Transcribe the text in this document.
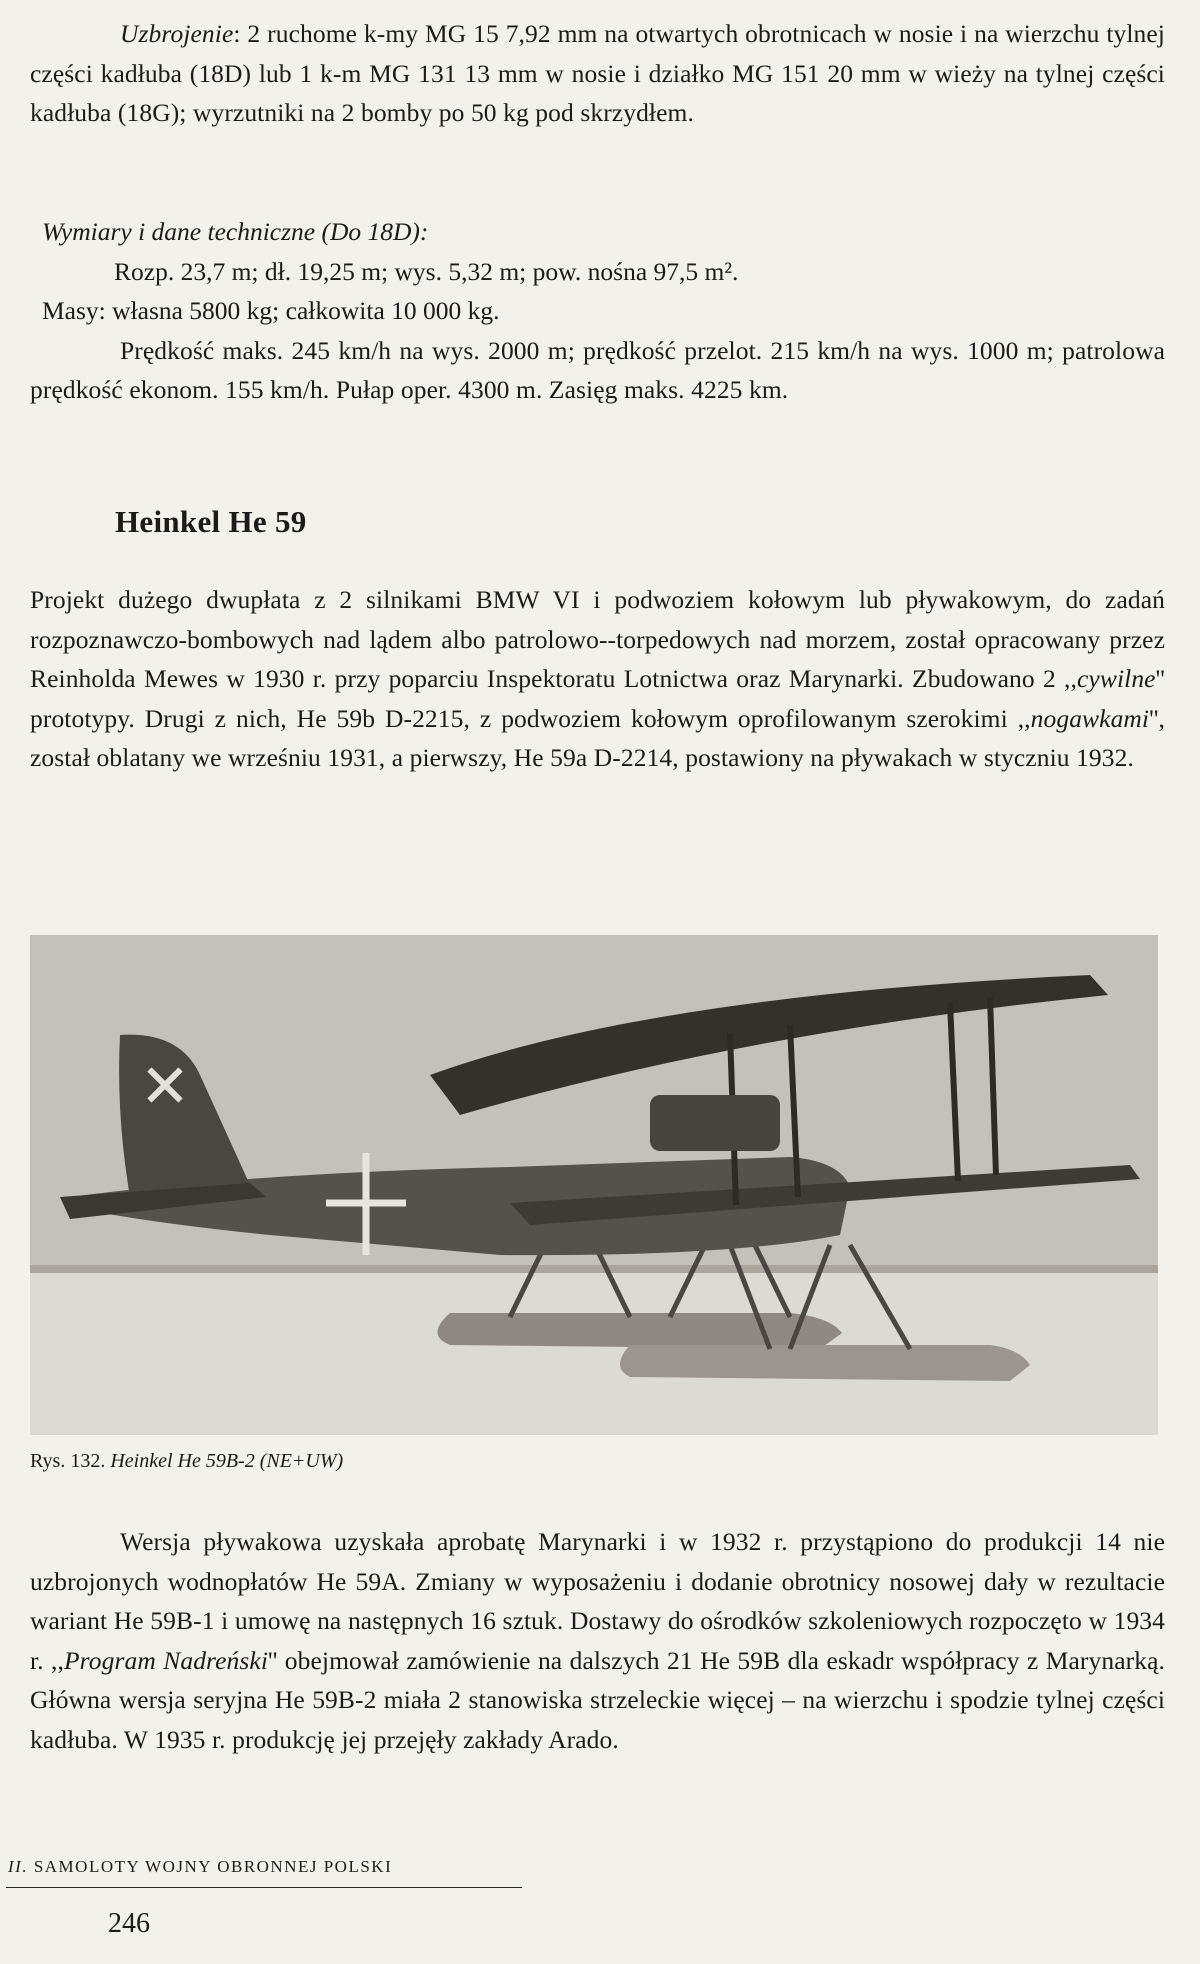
Uzbrojenie: 2 ruchome k-my MG 15 7,92 mm na otwartych obrotnicach w nosie i na wierzchu tylnej części kadłuba (18D) lub 1 k-m MG 131 13 mm w nosie i działko MG 151 20 mm w wieży na tylnej części kadłuba (18G); wyrzutniki na 2 bomby po 50 kg pod skrzydłem.

Wymiary i dane techniczne (Do 18D):

Rozp. 23,7 m; dł. 19,25 m; wys. 5,32 m; pow. nośna 97,5 m².

Masy: własna 5800 kg; całkowita 10 000 kg.

Prędkość maks. 245 km/h na wys. 2000 m; prędkość przelot. 215 km/h na wys. 1000 m; patrolowa prędkość ekonom. 155 km/h. Pułap oper. 4300 m. Zasięg maks. 4225 km.

Heinkel He 59

Projekt dużego dwupłata z 2 silnikami BMW VI i podwoziem kołowym lub pływakowym, do zadań rozpoznawczo-bombowych nad lądem albo patrolowo--torpedowych nad morzem, został opracowany przez Reinholda Mewes w 1930 r. przy poparciu Inspektoratu Lotnictwa oraz Marynarki. Zbudowano 2 ,,cywilne'' prototypy. Drugi z nich, He 59b D-2215, z podwoziem kołowym oprofilowanym szerokimi ,,nogawkami'', został oblatany we wrześniu 1931, a pierwszy, He 59a D-2214, postawiony na pływakach w styczniu 1932.

Rys. 132. Heinkel He 59B-2 (NE+UW)

Wersja pływakowa uzyskała aprobatę Marynarki i w 1932 r. przystąpiono do produkcji 14 nie uzbrojonych wodnopłatów He 59A. Zmiany w wyposażeniu i dodanie obrotnicy nosowej dały w rezultacie wariant He 59B-1 i umowę na następnych 16 sztuk. Dostawy do ośrodków szkoleniowych rozpoczęto w 1934 r. ,,Program Nadreński'' obejmował zamówienie na dalszych 21 He 59B dla eskadr współpracy z Marynarką. Główna wersja seryjna He 59B-2 miała 2 stanowiska strzeleckie więcej – na wierzchu i spodzie tylnej części kadłuba. W 1935 r. produkcję jej przejęły zakłady Arado.

II. SAMOLOTY WOJNY OBRONNEJ POLSKI

246
